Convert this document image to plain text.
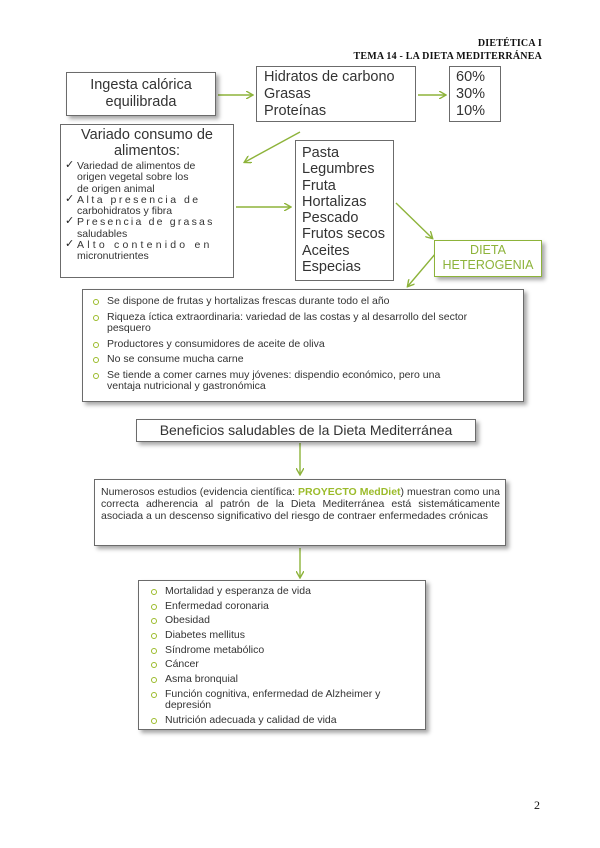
DIETÉTICA I
TEMA 14 - LA DIETA MEDITERRÁNEA
Ingesta calórica
equilibrada
Hidratos de carbono
Grasas
Proteínas
60%
30%
10%
Variado consumo de
alimentos:
✓ Variedad de alimentos de
origen vegetal sobre los
de origen animal
✓ Alta presencia de
carbohidratos y fibra
✓ Presencia de grasas
saludables
✓ Alto contenido en
micronutrientes
Pasta
Legumbres
Fruta
Hortalizas
Pescado
Frutos secos
Aceites
Especias
DIETA
HETEROGENIA
Se dispone de frutas y hortalizas frescas durante todo el año
Riqueza íctica extraordinaria: variedad de las costas y al desarrollo del sector
pesquero
Productores y consumidores de aceite de oliva
No se consume mucha carne
Se tiende a comer carnes muy jóvenes: dispendio económico, pero una
ventaja nutricional y gastronómica
Beneficios saludables de la Dieta Mediterránea
Numerosos estudios (evidencia científica: PROYECTO MedDiet) muestran como una correcta adherencia al patrón de la Dieta Mediterránea está sistemáticamente asociada a un descenso significativo del riesgo de contraer enfermedades crónicas
Mortalidad y esperanza de vida
Enfermedad coronaria
Obesidad
Diabetes mellitus
Síndrome metabólico
Cáncer
Asma bronquial
Función cognitiva, enfermedad de Alzheimer y
depresión
Nutrición adecuada y calidad de vida
2
